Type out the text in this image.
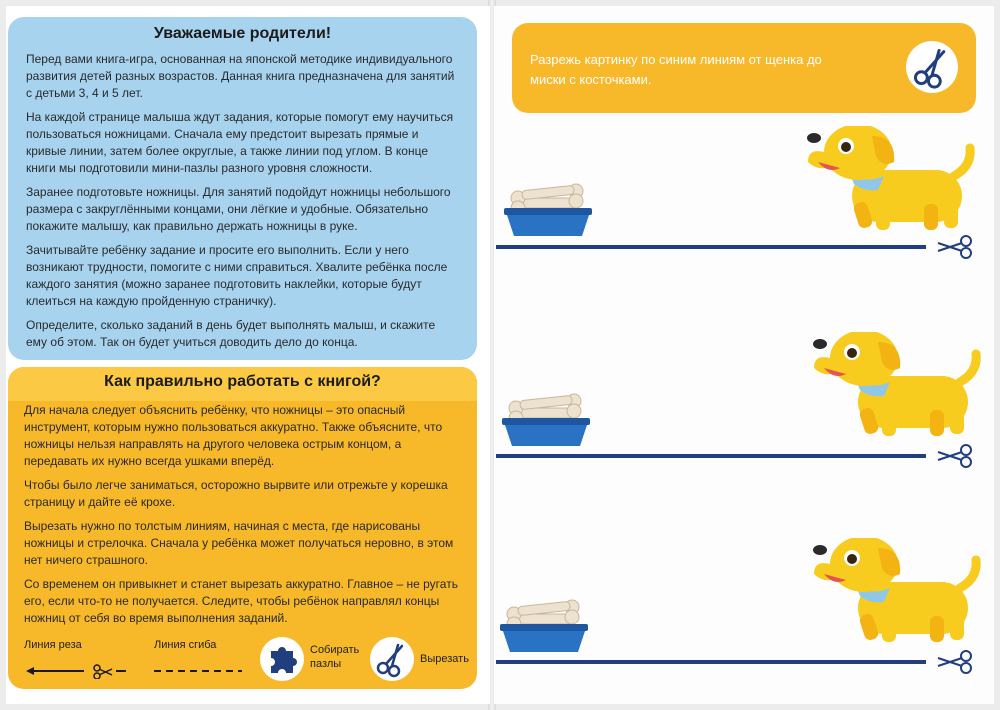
Уважаемые родители!

Перед вами книга-игра, основанная на японской методике индивидуального развития детей разных возрастов. Данная книга предназначена для занятий с детьми 3, 4 и 5 лет.

На каждой странице малыша ждут задания, которые помогут ему научиться пользоваться ножницами. Сначала ему предстоит вырезать прямые и кривые линии, затем более округлые, а также линии под углом. В конце книги мы подготовили мини-пазлы разного уровня сложности.

Заранее подготовьте ножницы. Для занятий подойдут ножницы небольшого размера с закруглёнными концами, они лёгкие и удобные. Обязательно покажите малышу, как правильно держать ножницы в руке.

Зачитывайте ребёнку задание и просите его выполнить. Если у него возникают трудности, помогите с ними справиться. Хвалите ребёнка после каждого занятия (можно заранее подготовить наклейки, которые будут клеиться на каждую пройденную страничку).

Определите, сколько заданий в день будет выполнять малыш, и скажите ему об этом. Так он будет учиться доводить дело до конца.

Как правильно работать с книгой?

Для начала следует объяснить ребёнку, что ножницы – это опасный инструмент, которым нужно пользоваться аккуратно. Также объясните, что ножницы нельзя направлять на другого человека острым концом, а передавать их нужно всегда ушками вперёд.

Чтобы было легче заниматься, осторожно вырвите или отрежьте у корешка страницу и дайте её крохе.

Вырезать нужно по толстым линиям, начиная с места, где нарисованы ножницы и стрелочка. Сначала у ребёнка может получаться неровно, в этом нет ничего страшного.

Со временем он привыкнет и станет вырезать аккуратно. Главное – не ругать его, если что-то не получается. Следите, чтобы ребёнок направлял концы ножниц от себя во время выполнения заданий.

Линия реза	Линия сгиба	Собирать пазлы	Вырезать
Разрежь картинку по синим линиям от щенка до миски с косточками.
